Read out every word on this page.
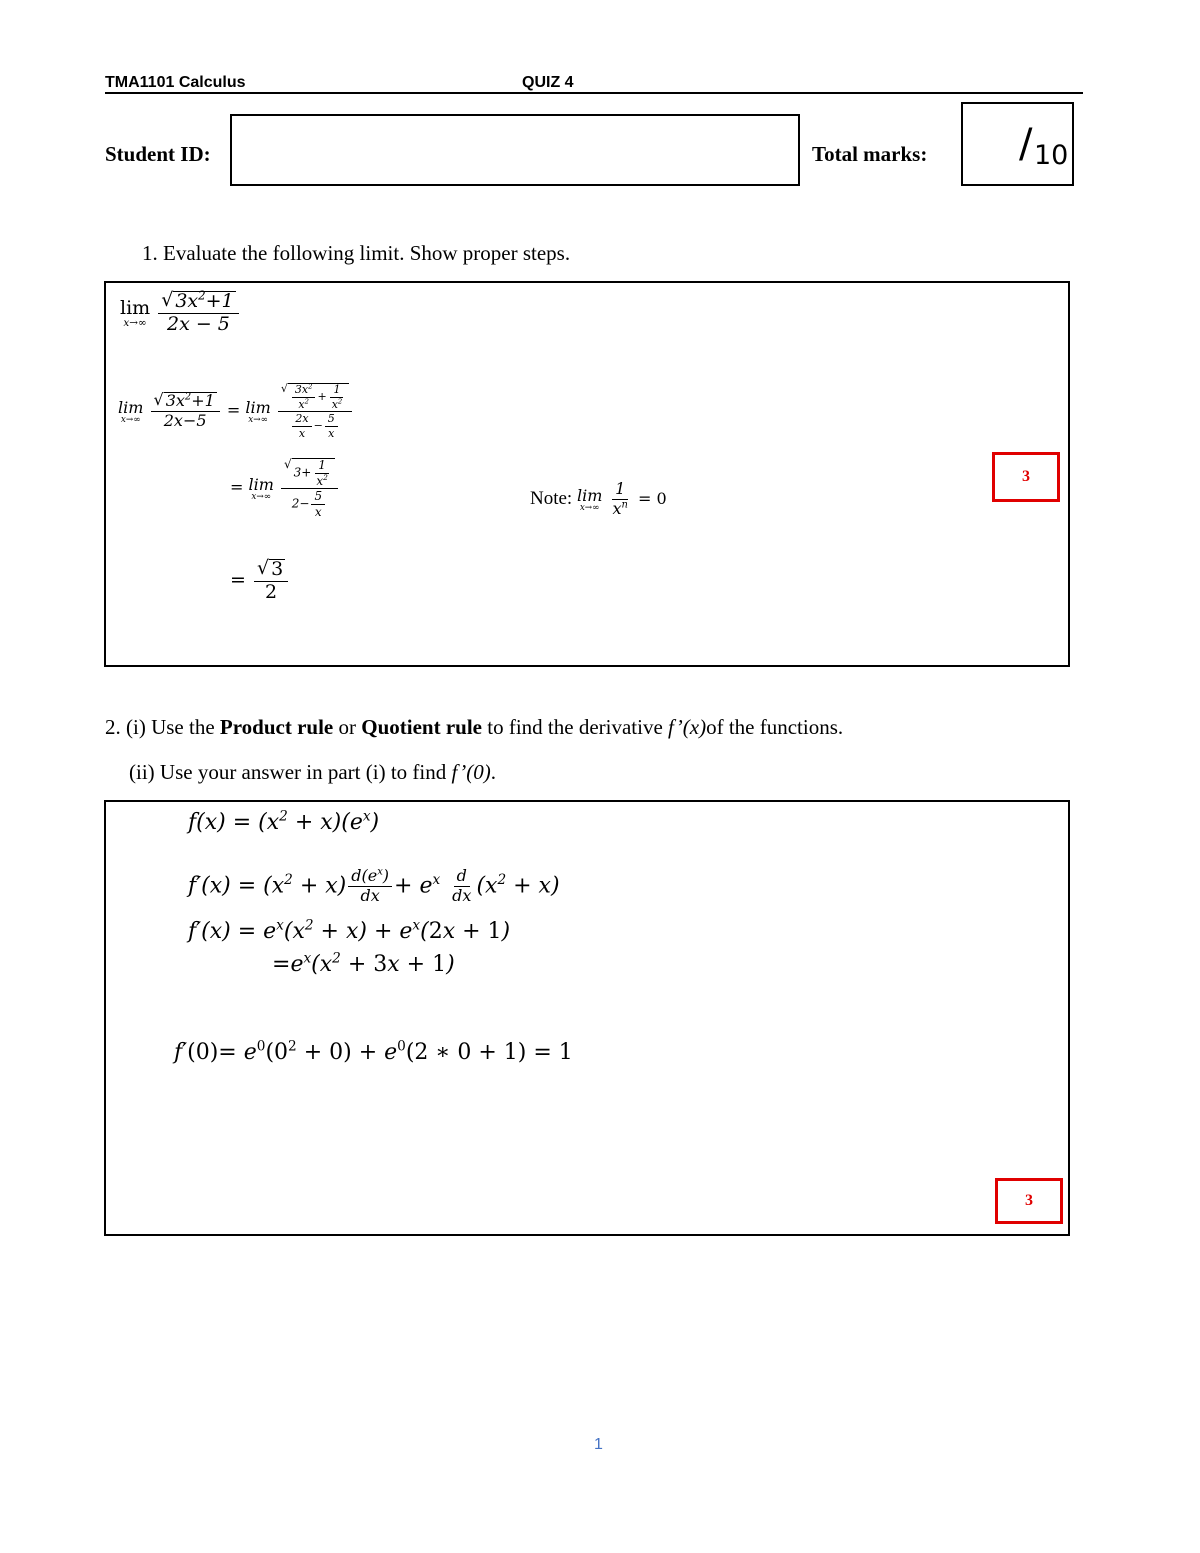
TMA1101 Calculus	QUIZ 4
Student ID:	Total marks: / 10
1. Evaluate the following limit. Show proper steps.
lim
x→∞
$\frac{√ 3x^2+1}{2x - 5}$
lim
x→∞
$\frac{√ 3x^2+1}{2x-5} = \lim$
x→∞
$\frac{√ \frac{3x^2}{x^2} + \frac{1}{x^2}}{\frac{2x}{x} - \frac{5}{x}}$
= lim
x→∞
√
$3+ \frac{1}{x^2}$
$2- \frac{5}{x}$	Note: lim
x→∞
$\frac{1}{x^n} = 0$
= $\frac{√ 3}{2}$
3
2. (i) Use the Product rule or Quotient rule to find the derivative f’(x)of the functions.
(ii) Use your answer in part (i) to find f’(0).
$f(x) = (x^2 + x)(e^x)$
$f'(x) = (x^2 + x) \frac{d(e^x)}{dx} + e^x \frac{d}{dx} (x^2 + x)$
$f'(x) = e^x(x^2 + x) + e^x(2x + 1)$
$=e^x(x^2 + 3x + 1)$
$f'(0)= e^0(0^2 + 0) + e^0(2$ ∗ 0 + 1) = 1
3
1
